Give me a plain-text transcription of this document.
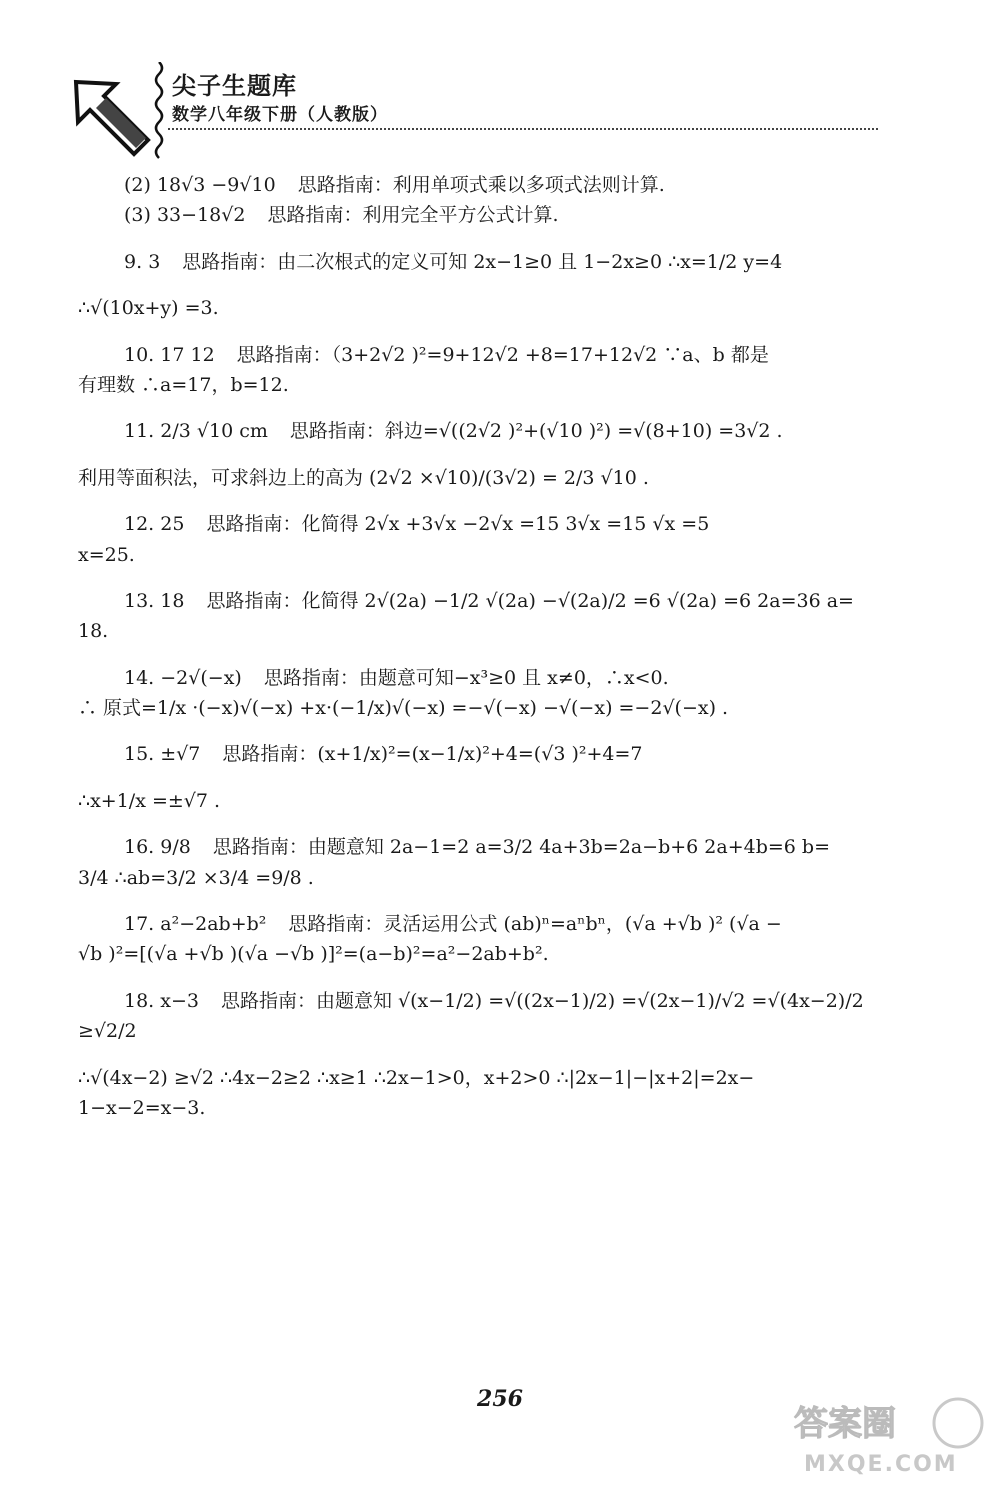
尖子生题库
数学八年级下册（人教版）

(2) 18√3 −9√10 思路指南：利用单项式乘以多项式法则计算.

(3) 33−18√2 思路指南：利用完全平方公式计算.

9. 3 思路指南：由二次根式的定义可知 2x−1≥0 且 1−2x≥0 ∴x=1/2 y=4

∴√(10x+y) =3.

10. 17 12 思路指南：（3+2√2 )²=9+12√2 +8=17+12√2 ∵a、b 都是

有理数 ∴a=17，b=12.

11. 2/3 √10 cm 思路指南：斜边=√((2√2 )²+(√10 )²) =√(8+10) =3√2 .

利用等面积法，可求斜边上的高为 (2√2 ×√10)/(3√2) = 2/3 √10 .

12. 25 思路指南：化简得 2√x +3√x −2√x =15 3√x =15 √x =5

x=25.

13. 18 思路指南：化简得 2√(2a) −1/2 √(2a) −√(2a)/2 =6 √(2a) =6 2a=36 a=

18.

14. −2√(−x) 思路指南：由题意可知−x³≥0 且 x≠0，∴x<0.

∴ 原式=1/x ·(−x)√(−x) +x·(−1/x)√(−x) =−√(−x) −√(−x) =−2√(−x) .

15. ±√7 思路指南：(x+1/x)²=(x−1/x)²+4=(√3 )²+4=7

∴x+1/x =±√7 .

16. 9/8 思路指南：由题意知 2a−1=2 a=3/2 4a+3b=2a−b+6 2a+4b=6 b=

3/4 ∴ab=3/2 ×3/4 =9/8 .

17. a²−2ab+b² 思路指南：灵活运用公式 (ab)ⁿ=aⁿbⁿ，(√a +√b )² (√a −

√b )²=[(√a +√b )(√a −√b )]²=(a−b)²=a²−2ab+b².

18. x−3 思路指南：由题意知 √(x−1/2) =√((2x−1)/2) =√(2x−1)/√2 =√(4x−2)/2 ≥√2/2

∴√(4x−2) ≥√2 ∴4x−2≥2 ∴x≥1 ∴2x−1>0，x+2>0 ∴|2x−1|−|x+2|=2x−

1−x−2=x−3.

256
答案圈
MXQE.COM
